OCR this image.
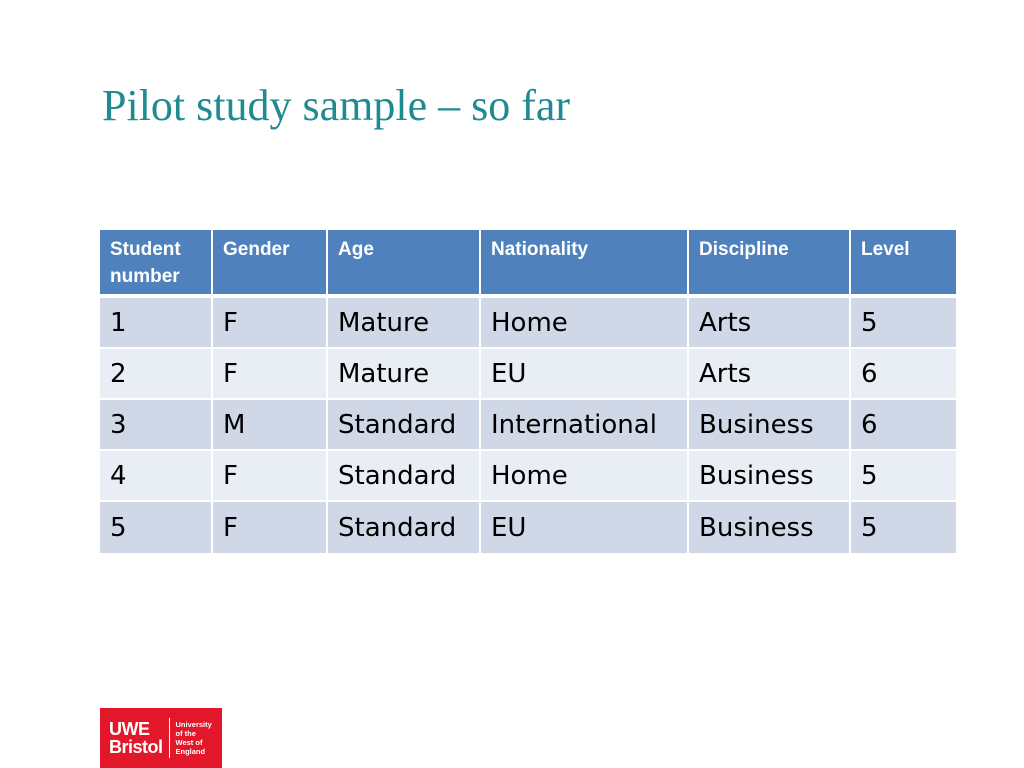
Pilot study sample – so far
Student
number	Gender	Age	Nationality	Discipline	Level
1	F	Mature	Home	Arts	5
2	F	Mature	EU	Arts	6
3	M	Standard	International	Business	6
4	F	Standard	Home	Business	5
5	F	Standard	EU	Business	5
UWE
Bristol
University
of the
West of
England
